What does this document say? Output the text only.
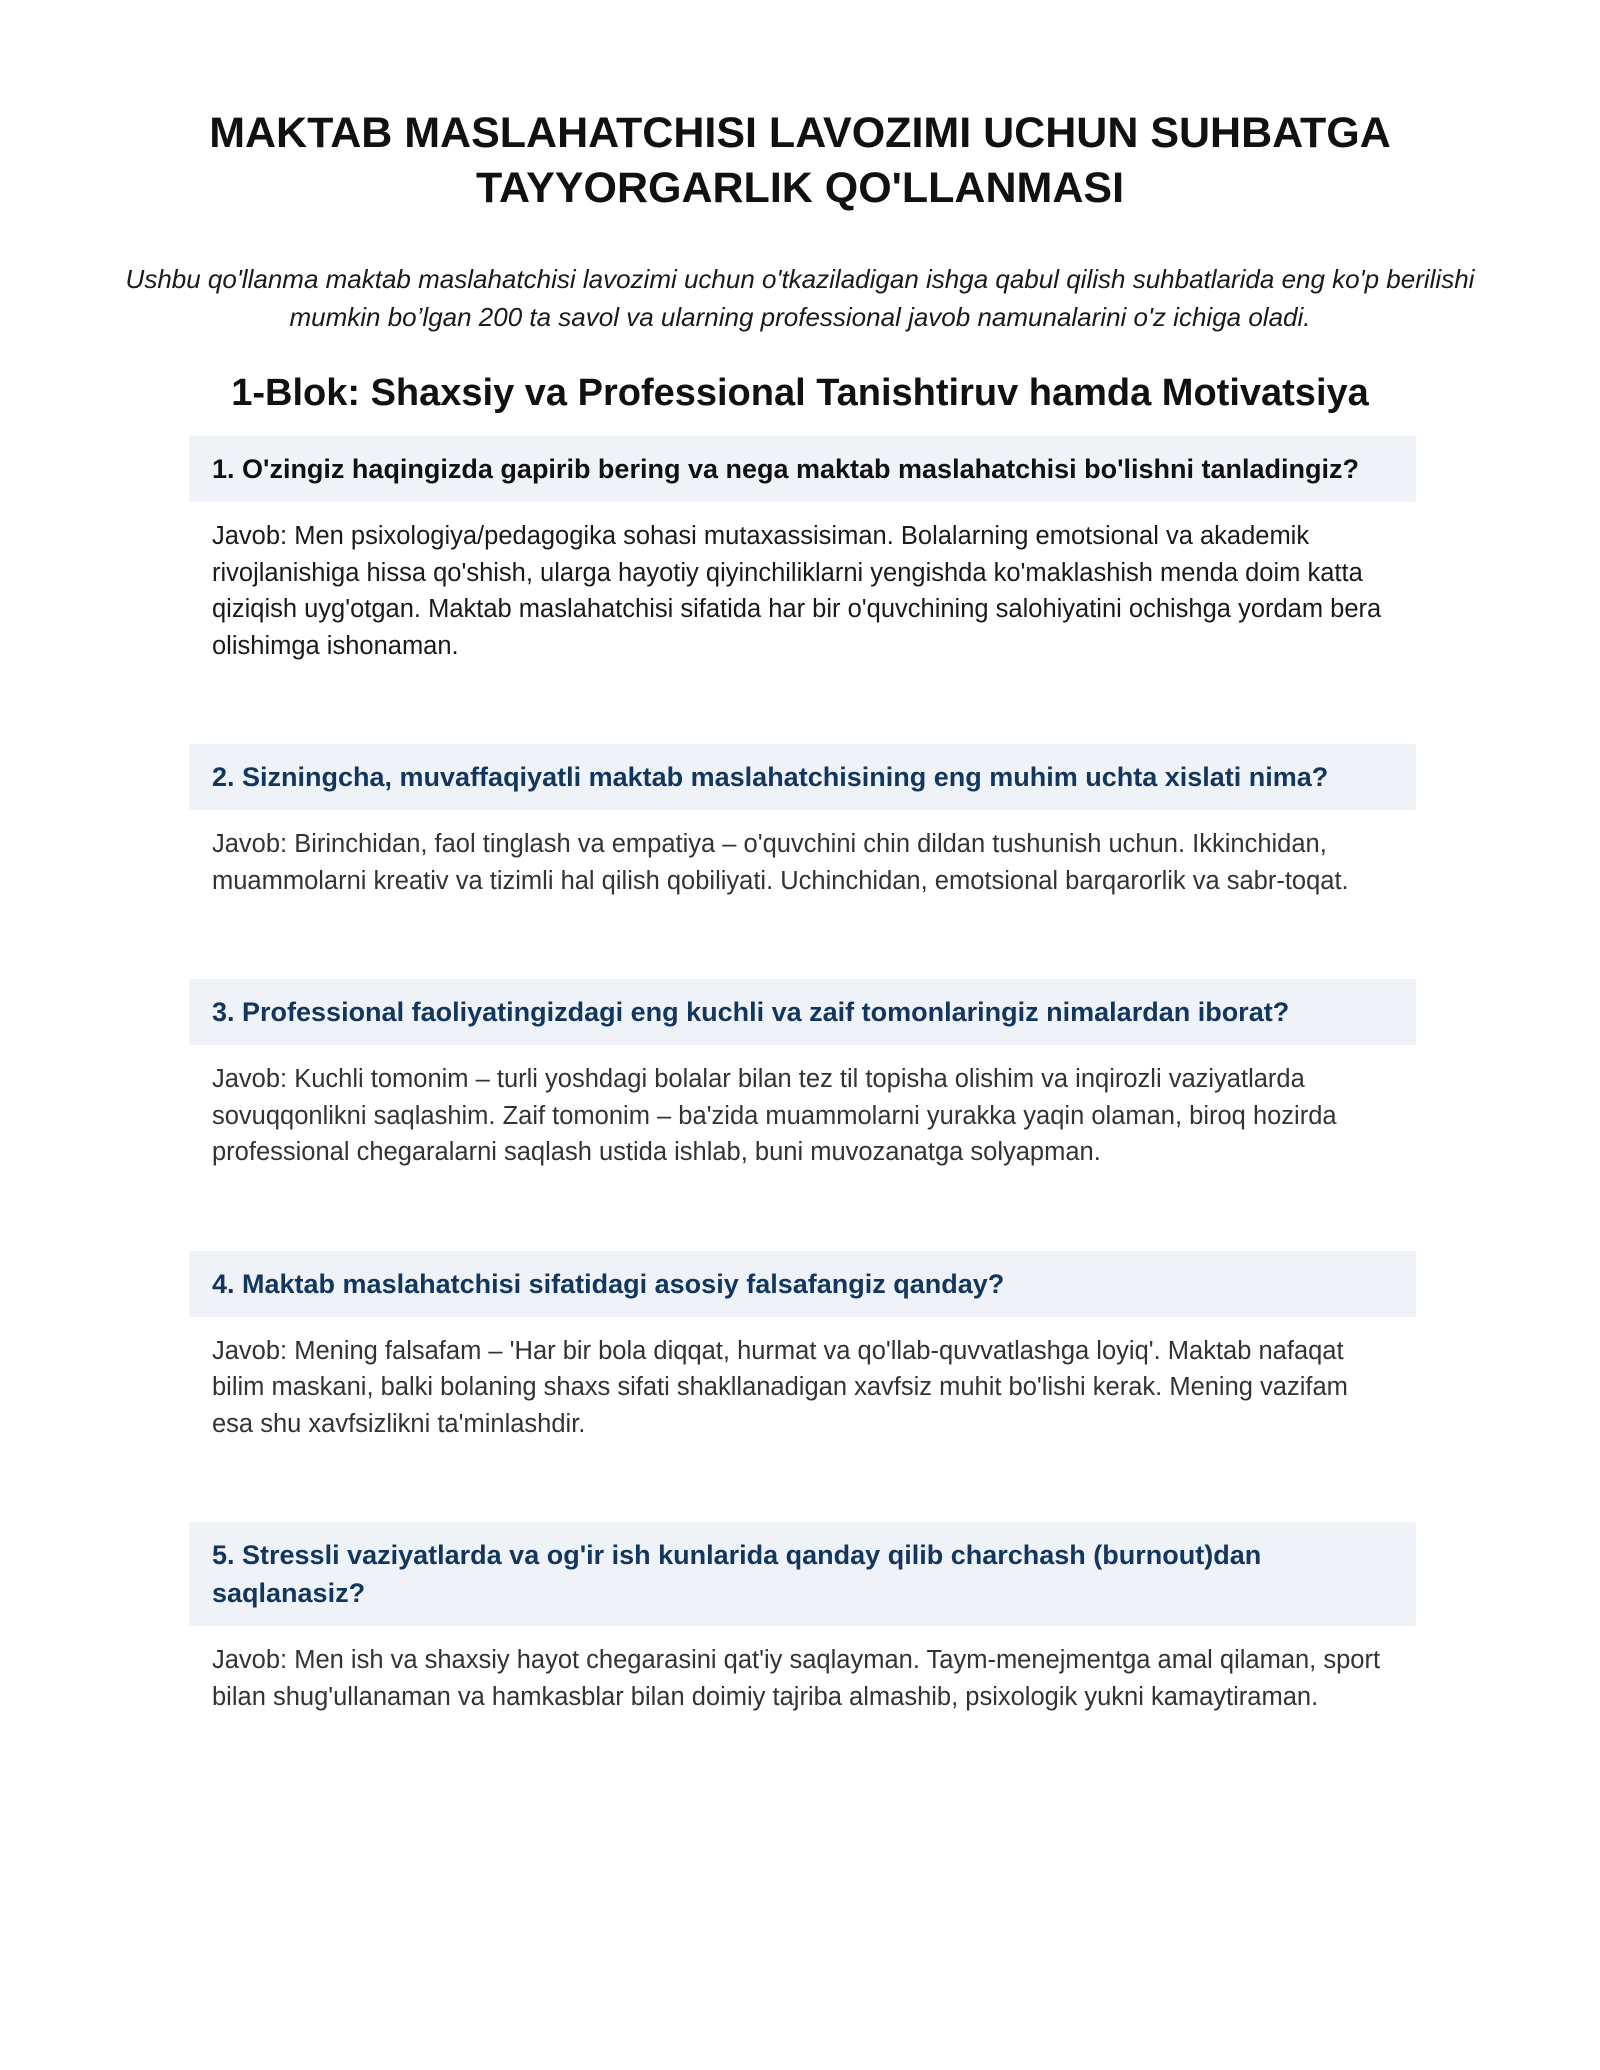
MAKTAB MASLAHATCHISI LAVOZIMI UCHUN SUHBATGA TAYYORGARLIK QO'LLANMASI

Ushbu qo'llanma maktab maslahatchisi lavozimi uchun o'tkaziladigan ishga qabul qilish suhbatlarida eng ko'p berilishi mumkin bo’lgan 200 ta savol va ularning professional javob namunalarini o'z ichiga oladi.

1-Blok: Shaxsiy va Professional Tanishtiruv hamda Motivatsiya

1. O'zingiz haqingizda gapirib bering va nega maktab maslahatchisi bo'lishni tanladingiz?

Javob: Men psixologiya/pedagogika sohasi mutaxassisiman. Bolalarning emotsional va akademik rivojlanishiga hissa qo'shish, ularga hayotiy qiyinchiliklarni yengishda ko'maklashish menda doim katta qiziqish uyg'otgan. Maktab maslahatchisi sifatida har bir o'quvchining salohiyatini ochishga yordam bera olishimga ishonaman.

2. Sizningcha, muvaffaqiyatli maktab maslahatchisining eng muhim uchta xislati nima?

Javob: Birinchidan, faol tinglash va empatiya – o'quvchini chin dildan tushunish uchun. Ikkinchidan, muammolarni kreativ va tizimli hal qilish qobiliyati. Uchinchidan, emotsional barqarorlik va sabr-toqat.

3. Professional faoliyatingizdagi eng kuchli va zaif tomonlaringiz nimalardan iborat?

Javob: Kuchli tomonim – turli yoshdagi bolalar bilan tez til topisha olishim va inqirozli vaziyatlarda sovuqqonlikni saqlashim. Zaif tomonim – ba'zida muammolarni yurakka yaqin olaman, biroq hozirda professional chegaralarni saqlash ustida ishlab, buni muvozanatga solyapman.

4. Maktab maslahatchisi sifatidagi asosiy falsafangiz qanday?

Javob: Mening falsafam – 'Har bir bola diqqat, hurmat va qo'llab-quvvatlashga loyiq'. Maktab nafaqat bilim maskani, balki bolaning shaxs sifati shakllanadigan xavfsiz muhit bo'lishi kerak. Mening vazifam esa shu xavfsizlikni ta'minlashdir.

5. Stressli vaziyatlarda va og'ir ish kunlarida qanday qilib charchash (burnout)dan saqlanasiz?

Javob: Men ish va shaxsiy hayot chegarasini qat'iy saqlayman. Taym-menejmentga amal qilaman, sport bilan shug'ullanaman va hamkasblar bilan doimiy tajriba almashib, psixologik yukni kamaytiraman.
